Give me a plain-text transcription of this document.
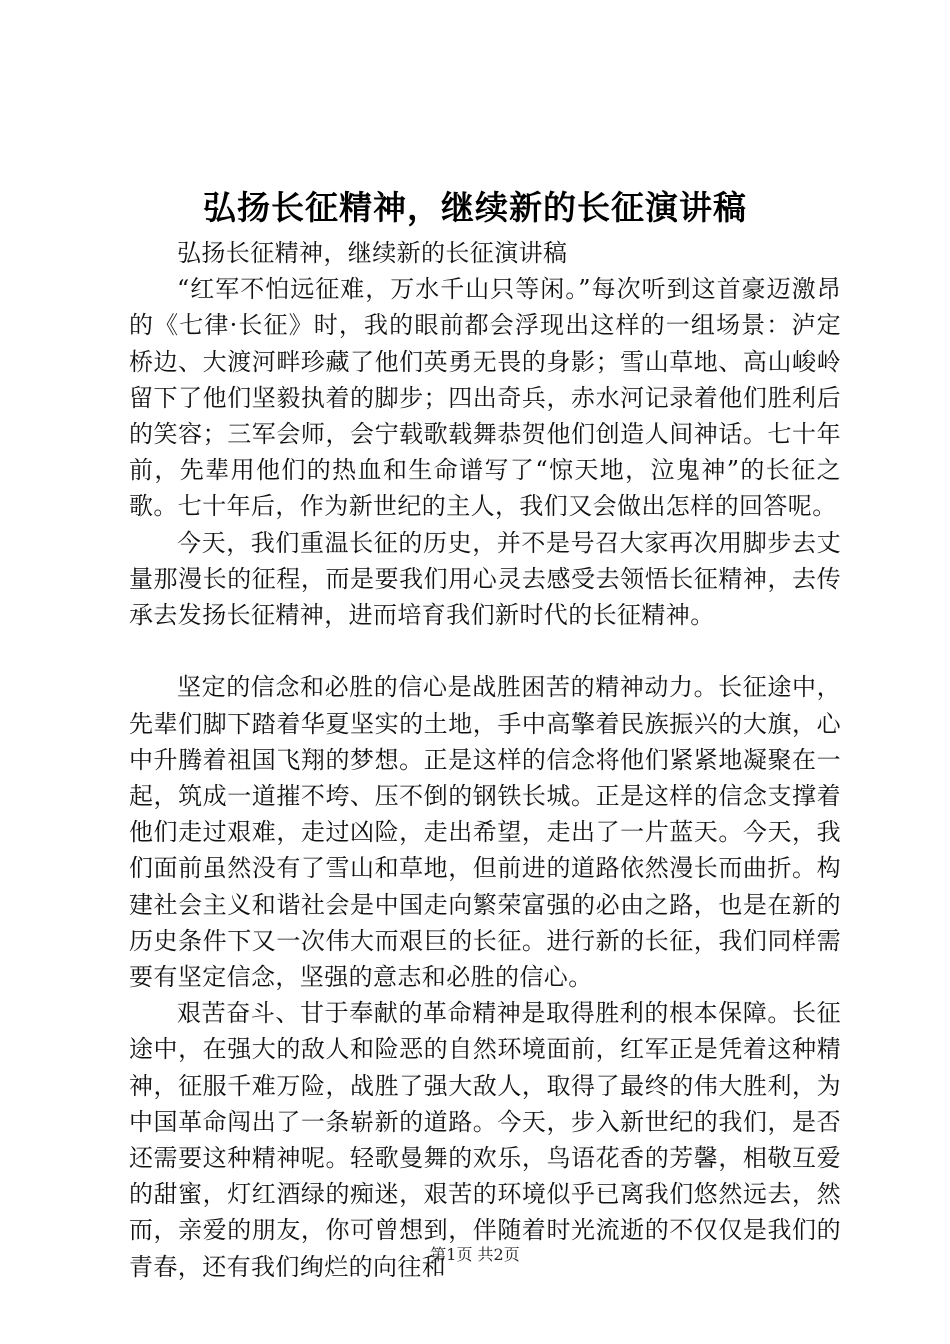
弘扬长征精神，继续新的长征演讲稿

弘扬长征精神，继续新的长征演讲稿

“红军不怕远征难，万水千山只等闲。”每次听到这首豪迈激昂的《七律·长征》时，我的眼前都会浮现出这样的一组场景：泸定桥边、大渡河畔珍藏了他们英勇无畏的身影；雪山草地、高山峻岭留下了他们坚毅执着的脚步；四出奇兵，赤水河记录着他们胜利后的笑容；三军会师，会宁载歌载舞恭贺他们创造人间神话。七十年前，先辈用他们的热血和生命谱写了“惊天地，泣鬼神”的长征之歌。七十年后，作为新世纪的主人，我们又会做出怎样的回答呢。

今天，我们重温长征的历史，并不是号召大家再次用脚步去丈量那漫长的征程，而是要我们用心灵去感受去领悟长征精神，去传承去发扬长征精神，进而培育我们新时代的长征精神。

坚定的信念和必胜的信心是战胜困苦的精神动力。长征途中，先辈们脚下踏着华夏坚实的土地，手中高擎着民族振兴的大旗，心中升腾着祖国飞翔的梦想。正是这样的信念将他们紧紧地凝聚在一起，筑成一道摧不垮、压不倒的钢铁长城。正是这样的信念支撑着他们走过艰难，走过凶险，走出希望，走出了一片蓝天。今天，我们面前虽然没有了雪山和草地，但前进的道路依然漫长而曲折。构建社会主义和谐社会是中国走向繁荣富强的必由之路，也是在新的历史条件下又一次伟大而艰巨的长征。进行新的长征，我们同样需要有坚定信念，坚强的意志和必胜的信心。

艰苦奋斗、甘于奉献的革命精神是取得胜利的根本保障。长征途中，在强大的敌人和险恶的自然环境面前，红军正是凭着这种精神，征服千难万险，战胜了强大敌人，取得了最终的伟大胜利，为中国革命闯出了一条崭新的道路。今天，步入新世纪的我们，是否还需要这种精神呢。轻歌曼舞的欢乐，鸟语花香的芳馨，相敬互爱的甜蜜，灯红酒绿的痴迷，艰苦的环境似乎已离我们悠然远去，然而，亲爱的朋友，你可曾想到，伴随着时光流逝的不仅仅是我们的青春，还有我们绚烂的向往和

第1页 共2页
